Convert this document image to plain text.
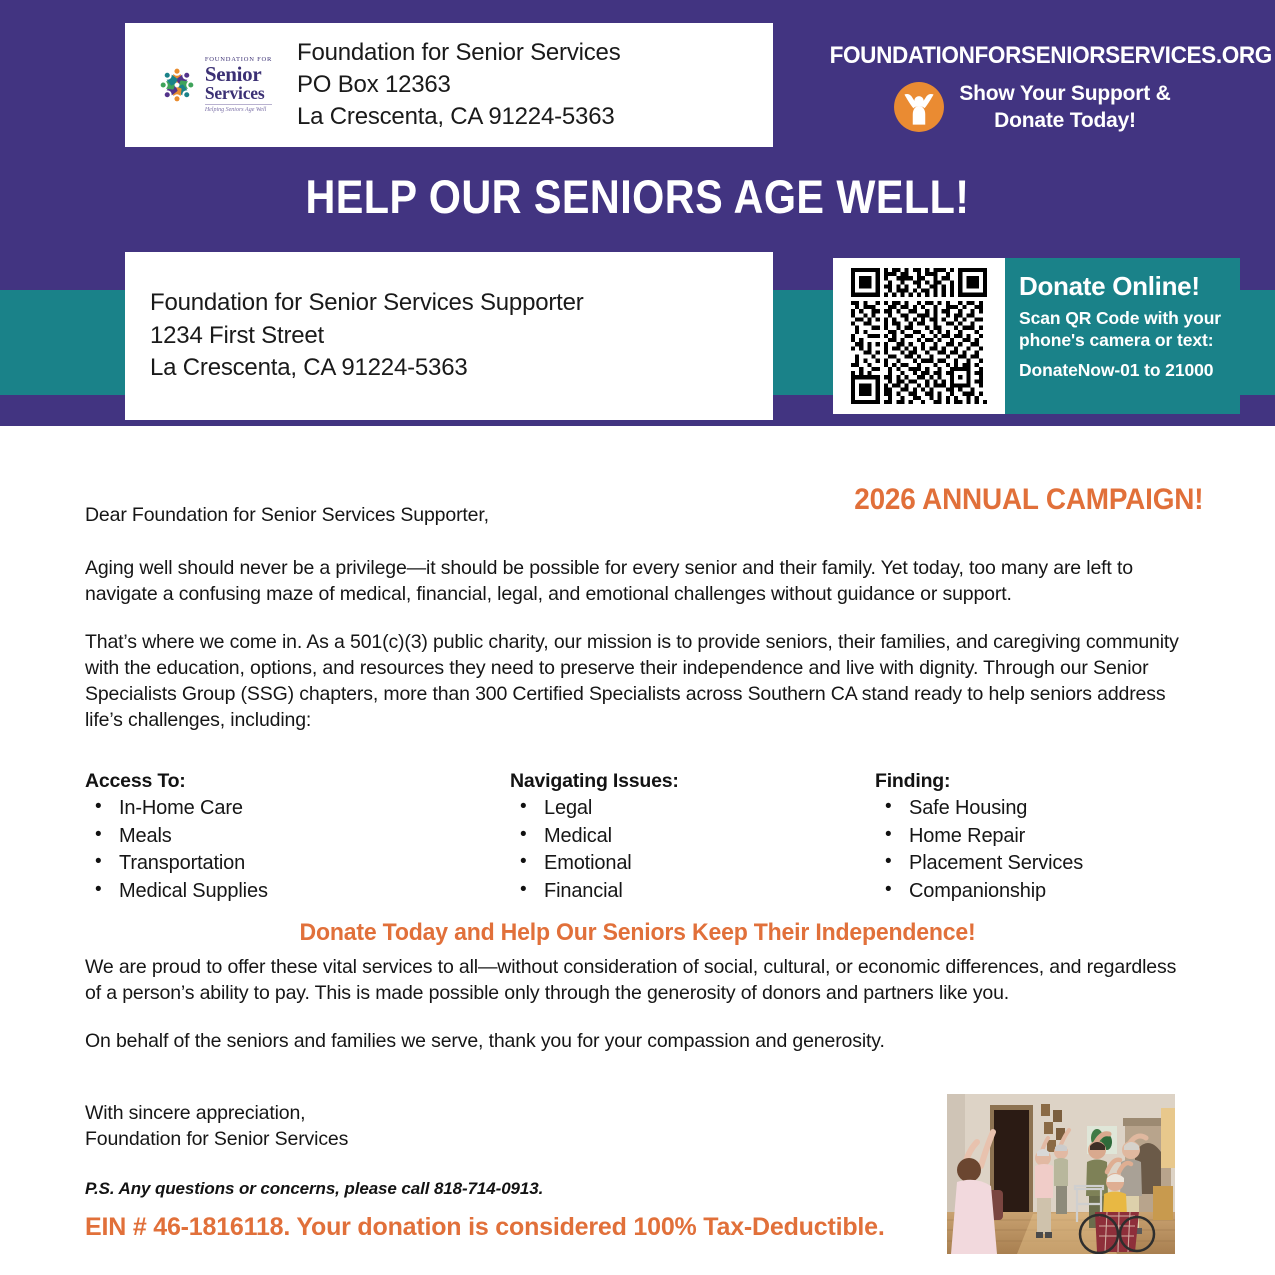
FOUNDATION FOR
Senior
Services
Helping Seniors Age Well
Foundation for Senior Services
PO Box 12363
La Crescenta, CA 91224-5363
FOUNDATIONFORSENIORSERVICES.ORG
Show Your Support &
Donate Today!
HELP OUR SENIORS AGE WELL!
Foundation for Senior Services Supporter
1234 First Street
La Crescenta, CA 91224-5363
Donate Online!
Scan QR Code with your
phone's camera or text:
DonateNow-01 to 21000
2026 ANNUAL CAMPAIGN!
Dear Foundation for Senior Services Supporter,
Aging well should never be a privilege—it should be possible for every senior and their family. Yet today, too many are left to navigate a confusing maze of medical, financial, legal, and emotional challenges without guidance or support.
That’s where we come in. As a 501(c)(3) public charity, our mission is to provide seniors, their families, and caregiving community with the education, options, and resources they need to preserve their independence and live with dignity. Through our Senior Specialists Group (SSG) chapters, more than 300 Certified Specialists across Southern CA stand ready to help seniors address life’s challenges, including:
Access To:
• In-Home Care
• Meals
• Transportation
• Medical Supplies
Navigating Issues:
• Legal
• Medical
• Emotional
• Financial
Finding:
• Safe Housing
• Home Repair
• Placement Services
• Companionship
Donate Today and Help Our Seniors Keep Their Independence!
We are proud to offer these vital services to all—without consideration of social, cultural, or economic differences, and regardless of a person’s ability to pay. This is made possible only through the generosity of donors and partners like you.
On behalf of the seniors and families we serve, thank you for your compassion and generosity.
With sincere appreciation,
Foundation for Senior Services
P.S. Any questions or concerns, please call 818-714-0913.
EIN # 46-1816118. Your donation is considered 100% Tax-Deductible.
